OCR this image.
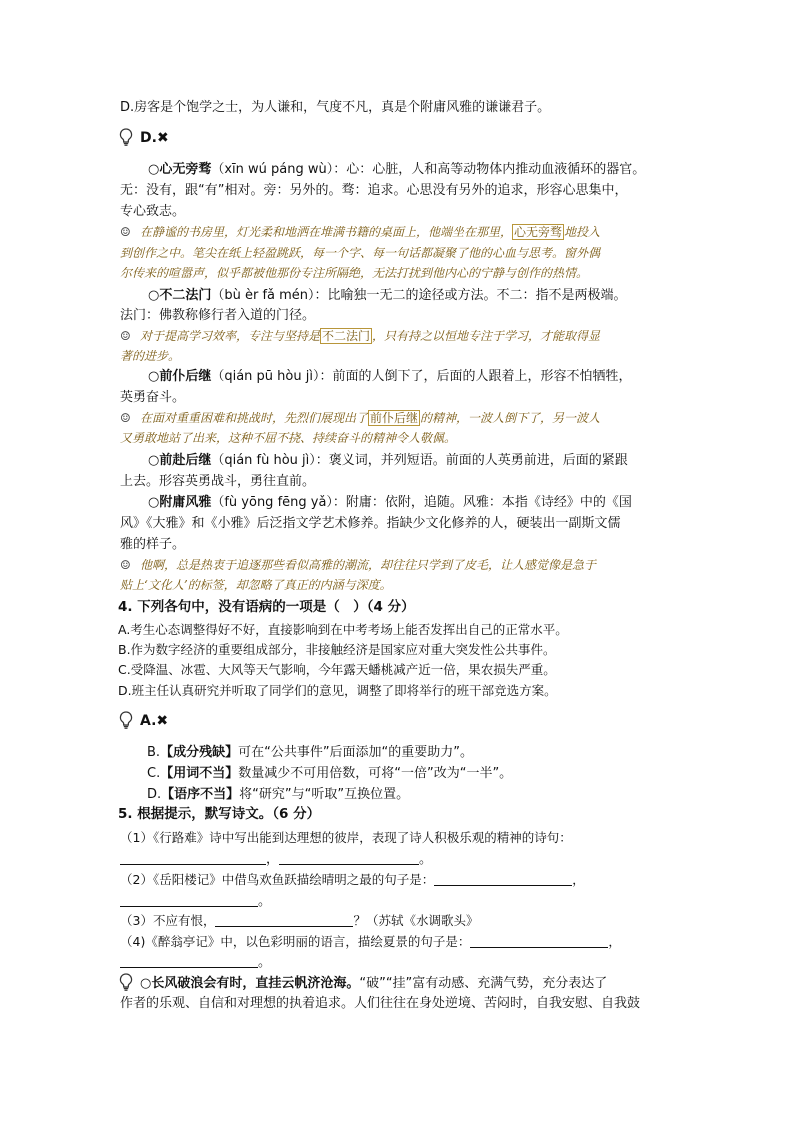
D.房客是个饱学之士，为人谦和，气度不凡，真是个附庸风雅的谦谦君子。
D.✖
○心无旁骛（xīn wú páng wù）：心：心脏，人和高等动物体内推动血液循环的器官。
无：没有，跟“有”相对。旁：另外的。骛：追求。心思没有另外的追求，形容心思集中，
专心致志。
☺ 在静谧的书房里，灯光柔和地洒在堆满书籍的桌面上，他端坐在那里， 心无旁骛 地投入
到创作之中。笔尖在纸上轻盈跳跃，每一个字、每一句话都凝聚了他的心血与思考。窗外偶
尔传来的喧嚣声，似乎都被他那份专注所隔绝，无法打扰到他内心的宁静与创作的热情。
○不二法门（bù èr fǎ mén）：比喻独一无二的途径或方法。不二：指不是两极端。
法门：佛教称修行者入道的门径。
☺ 对于提高学习效率，专注与坚持是 不二法门 ，只有持之以恒地专注于学习，才能取得显
著的进步。
○前仆后继（qián pū hòu jì）：前面的人倒下了，后面的人跟着上，形容不怕牺牲，
英勇奋斗。
☺ 在面对重重困难和挑战时，先烈们展现出了 前仆后继 的精神，一波人倒下了，另一波人
又勇敢地站了出来，这种不屈不挠、持续奋斗的精神令人敬佩。
○前赴后继（qián fù hòu jì）：褒义词，并列短语。前面的人英勇前进，后面的紧跟
上去。形容英勇战斗，勇往直前。
○附庸风雅（fù yōng fēng yǎ）：附庸：依附，追随。风雅：本指《诗经》中的《国
风》《大雅》和《小雅》后泛指文学艺术修养。指缺少文化修养的人，硬装出一副斯文儒
雅的样子。
☺ 他啊，总是热衷于追逐那些看似高雅的潮流，却往往只学到了皮毛，让人感觉像是急于
贴上‘文化人’的标签，却忽略了真正的内涵与深度。
4. 下列各句中，没有语病的一项是（　）（4 分）
A.考生心态调整得好不好，直接影响到在中考考场上能否发挥出自己的正常水平。
B.作为数字经济的重要组成部分，非接触经济是国家应对重大突发性公共事件。
C.受降温、冰雹、大风等天气影响，今年露天蟠桃减产近一倍，果农损失严重。
D.班主任认真研究并听取了同学们的意见，调整了即将举行的班干部竞选方案。
A.✖
B.【成分残缺】可在“公共事件”后面添加“的重要助力”。
C.【用词不当】数量减少不可用倍数，可将“一倍”改为“一半”。
D.【语序不当】将“研究”与“听取”互换位置。
5. 根据提示，默写诗文。（6 分）
（1）《行路难》诗中写出能到达理想的彼岸，表现了诗人积极乐观的精神的诗句：
，	。
（2）《岳阳楼记》中借鸟欢鱼跃描绘晴明之最的句子是：	，
。
（3）不应有恨，	？（苏轼《水调歌头》
（4)《醉翁亭记》中，以色彩明丽的语言，描绘夏景的句子是：	，
。
○长风破浪会有时，直挂云帆济沧海。“破”“挂”富有动感、充满气势，充分表达了
作者的乐观、自信和对理想的执着追求。人们往往在身处逆境、苦闷时，自我安慰、自我鼓
